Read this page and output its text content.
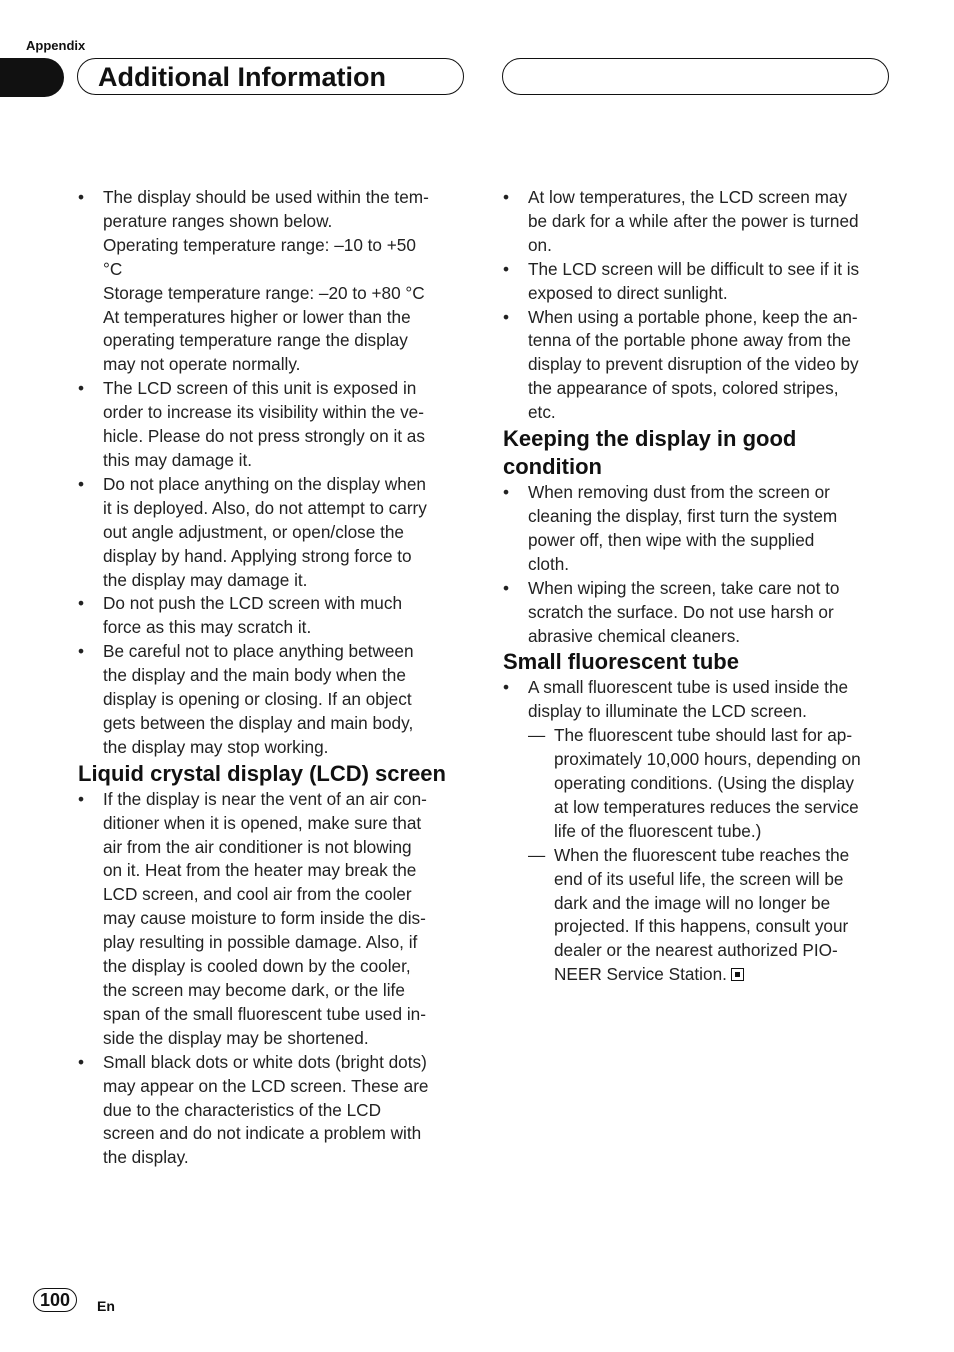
Appendix
Additional Information
• The display should be used within the tem-
perature ranges shown below.
Operating temperature range: –10 to +50
°C
Storage temperature range: –20 to +80 °C
At temperatures higher or lower than the
operating temperature range the display
may not operate normally.
• The LCD screen of this unit is exposed in
order to increase its visibility within the ve-
hicle. Please do not press strongly on it as
this may damage it.
• Do not place anything on the display when
it is deployed. Also, do not attempt to carry
out angle adjustment, or open/close the
display by hand. Applying strong force to
the display may damage it.
• Do not push the LCD screen with much
force as this may scratch it.
• Be careful not to place anything between
the display and the main body when the
display is opening or closing. If an object
gets between the display and main body,
the display may stop working.
Liquid crystal display (LCD) screen
• If the display is near the vent of an air con-
ditioner when it is opened, make sure that
air from the air conditioner is not blowing
on it. Heat from the heater may break the
LCD screen, and cool air from the cooler
may cause moisture to form inside the dis-
play resulting in possible damage. Also, if
the display is cooled down by the cooler,
the screen may become dark, or the life
span of the small fluorescent tube used in-
side the display may be shortened.
• Small black dots or white dots (bright dots)
may appear on the LCD screen. These are
due to the characteristics of the LCD
screen and do not indicate a problem with
the display.
• At low temperatures, the LCD screen may
be dark for a while after the power is turned
on.
• The LCD screen will be difficult to see if it is
exposed to direct sunlight.
• When using a portable phone, keep the an-
tenna of the portable phone away from the
display to prevent disruption of the video by
the appearance of spots, colored stripes,
etc.
Keeping the display in good
condition
• When removing dust from the screen or
cleaning the display, first turn the system
power off, then wipe with the supplied
cloth.
• When wiping the screen, take care not to
scratch the surface. Do not use harsh or
abrasive chemical cleaners.
Small fluorescent tube
• A small fluorescent tube is used inside the
display to illuminate the LCD screen.
— The fluorescent tube should last for ap-
proximately 10,000 hours, depending on
operating conditions. (Using the display
at low temperatures reduces the service
life of the fluorescent tube.)
— When the fluorescent tube reaches the
end of its useful life, the screen will be
dark and the image will no longer be
projected. If this happens, consult your
dealer or the nearest authorized PIO-
NEER Service Station.
100	En
